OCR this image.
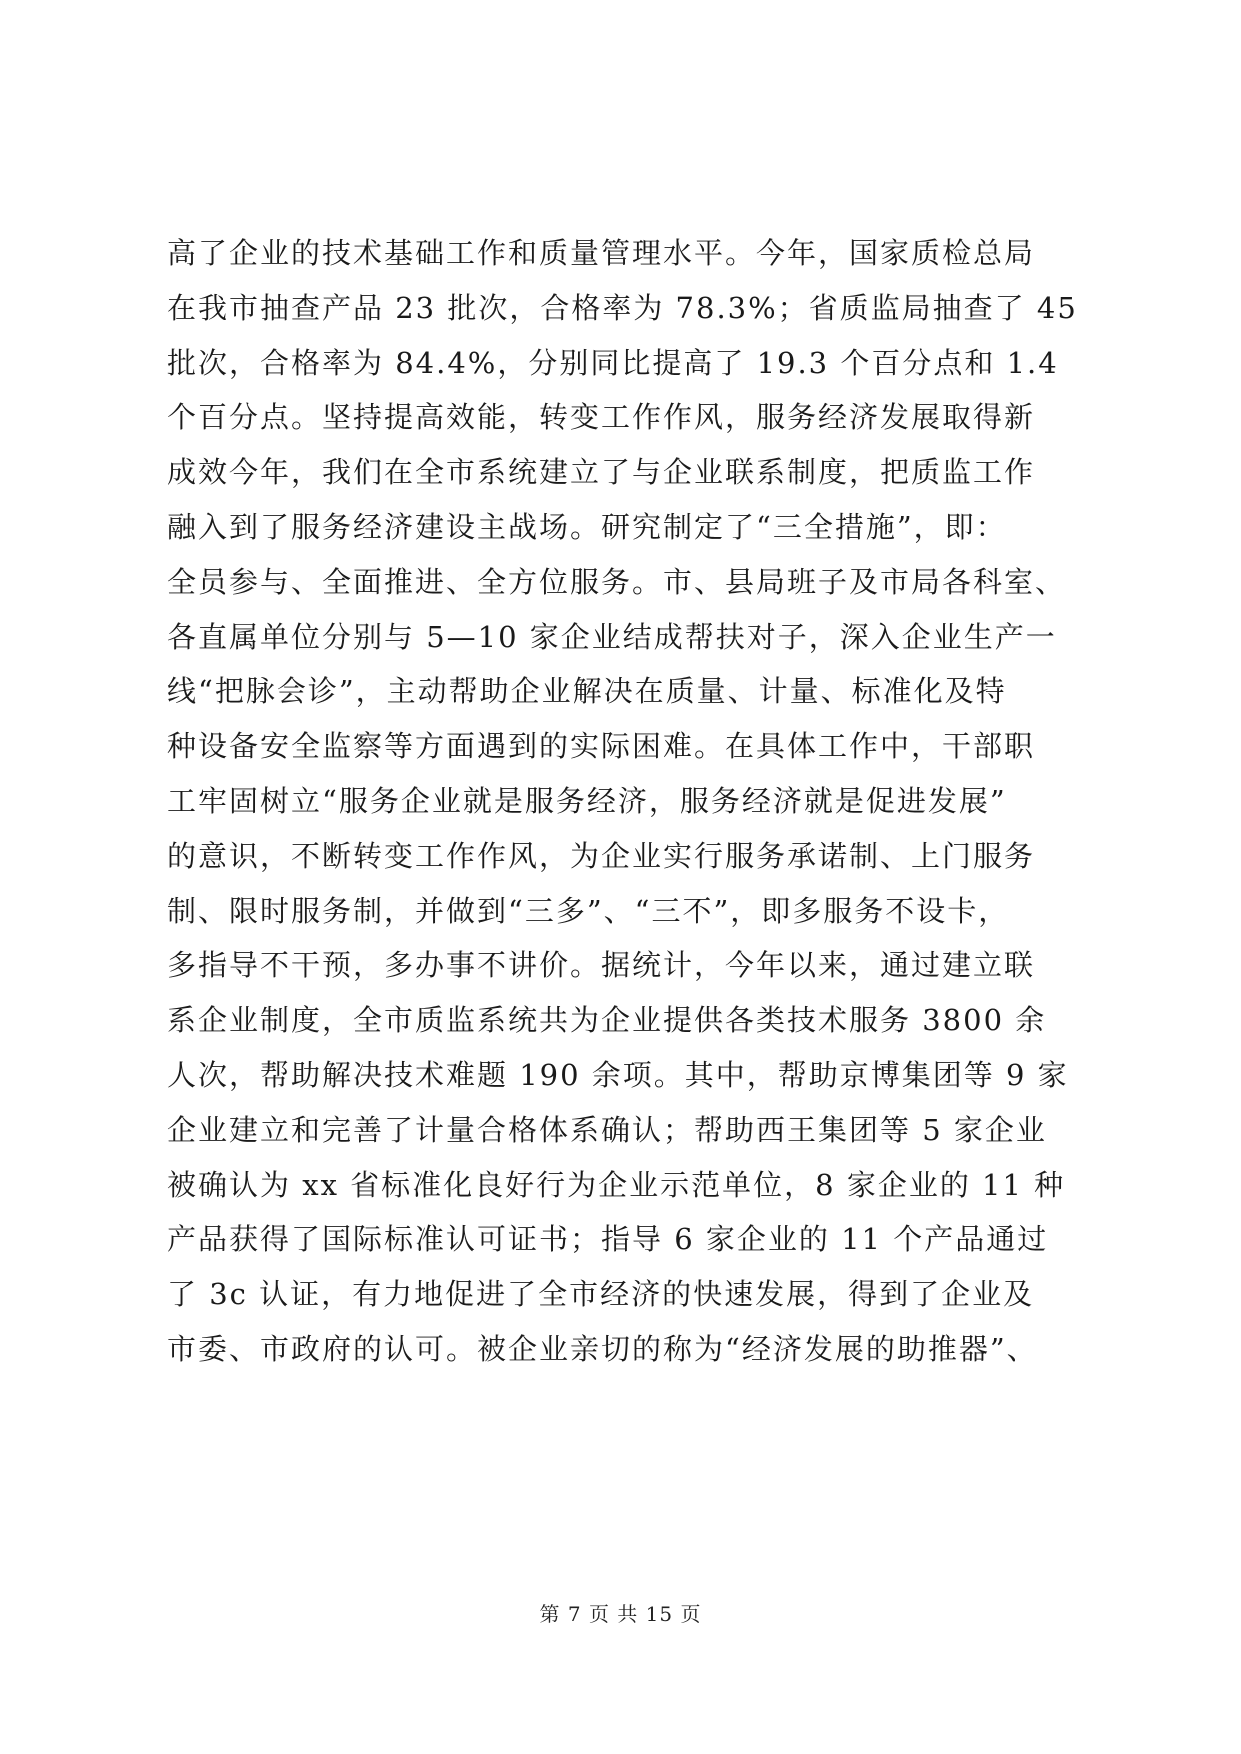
高了企业的技术基础工作和质量管理水平。今年，国家质检总局
在我市抽查产品 23 批次，合格率为 78.3%；省质监局抽查了 45
批次，合格率为 84.4%，分别同比提高了 19.3 个百分点和 1.4
个百分点。坚持提高效能，转变工作作风，服务经济发展取得新
成效今年，我们在全市系统建立了与企业联系制度，把质监工作
融入到了服务经济建设主战场。研究制定了“三全措施”，即：
全员参与、全面推进、全方位服务。市、县局班子及市局各科室、
各直属单位分别与 5—10 家企业结成帮扶对子，深入企业生产一
线“把脉会诊”，主动帮助企业解决在质量、计量、标准化及特
种设备安全监察等方面遇到的实际困难。在具体工作中，干部职
工牢固树立“服务企业就是服务经济，服务经济就是促进发展”
的意识，不断转变工作作风，为企业实行服务承诺制、上门服务
制、限时服务制，并做到“三多”、“三不”，即多服务不设卡，
多指导不干预，多办事不讲价。据统计，今年以来，通过建立联
系企业制度，全市质监系统共为企业提供各类技术服务 3800 余
人次，帮助解决技术难题 190 余项。其中，帮助京博集团等 9 家
企业建立和完善了计量合格体系确认；帮助西王集团等 5 家企业
被确认为 xx 省标准化良好行为企业示范单位，8 家企业的 11 种
产品获得了国际标准认可证书；指导 6 家企业的 11 个产品通过
了 3c 认证，有力地促进了全市经济的快速发展，得到了企业及
市委、市政府的认可。被企业亲切的称为“经济发展的助推器”、
第 7 页 共 15 页
